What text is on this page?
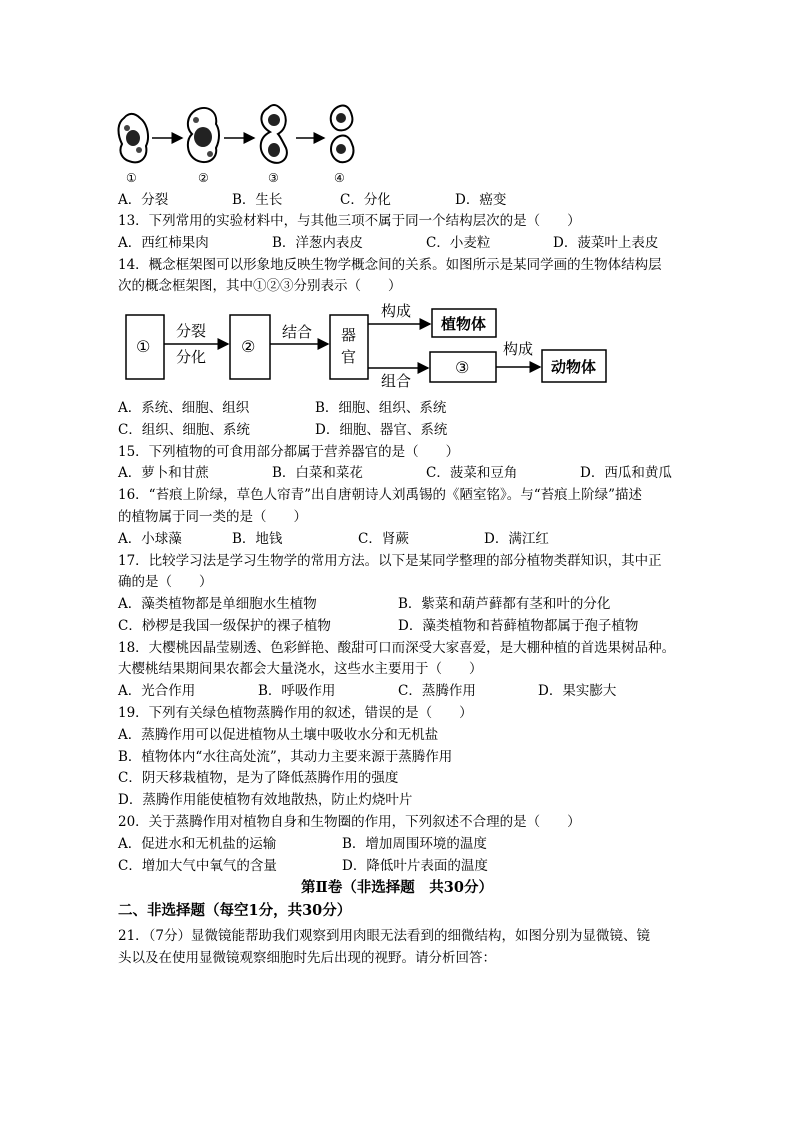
①	②	③	④
A．分裂	B．生长	C．分化	D．癌变
13．下列常用的实验材料中，与其他三项不属于同一个结构层次的是（　　）
A．西红柿果肉	B．洋葱内表皮	C．小麦粒	D．菠菜叶上表皮
14．概念框架图可以形象地反映生物学概念间的关系。如图所示是某同学画的生物体结构层
次的概念框架图，其中①②③分别表示（　　）
①
分裂
分化
②
结合 器
官
构成
植物体
组合
③
构成
动物体
A．系统、细胞、组织	B．细胞、组织、系统
C．组织、细胞、系统	D．细胞、器官、系统
15．下列植物的可食用部分都属于营养器官的是（　　）
A．萝卜和甘蔗	B．白菜和菜花	C．菠菜和豆角	D．西瓜和黄瓜
16．“苔痕上阶绿，草色人帘青”出自唐朝诗人刘禹锡的《陋室铭》。与“苔痕上阶绿”描述
的植物属于同一类的是（　　）
A．小球藻	B．地钱	C．肾蕨	D．满江红
17．比较学习法是学习生物学的常用方法。以下是某同学整理的部分植物类群知识，其中正
确的是（　　）
A．藻类植物都是单细胞水生植物	B．紫菜和葫芦藓都有茎和叶的分化
C．桫椤是我国一级保护的裸子植物	D．藻类植物和苔藓植物都属于孢子植物
18．大樱桃因晶莹剔透、色彩鲜艳、酸甜可口而深受大家喜爱，是大棚种植的首选果树品种。
大樱桃结果期间果农都会大量浇水，这些水主要用于（　　）
A．光合作用	B．呼吸作用	C．蒸腾作用	D．果实膨大
19．下列有关绿色植物蒸腾作用的叙述，错误的是（　　）
A．蒸腾作用可以促进植物从土壤中吸收水分和无机盐
B．植物体内“水往高处流”，其动力主要来源于蒸腾作用
C．阴天移栽植物，是为了降低蒸腾作用的强度
D．蒸腾作用能使植物有效地散热，防止灼烧叶片
20．关于蒸腾作用对植物自身和生物圈的作用，下列叙述不合理的是（　　）
A．促进水和无机盐的运输	B．增加周围环境的温度
C．增加大气中氧气的含量	D．降低叶片表面的温度
第Ⅱ卷（非选择题　共30分）
二、非选择题（每空1分，共30分）
21．（7分）显微镜能帮助我们观察到用肉眼无法看到的细微结构，如图分别为显微镜、镜
头以及在使用显微镜观察细胞时先后出现的视野。请分析回答：
